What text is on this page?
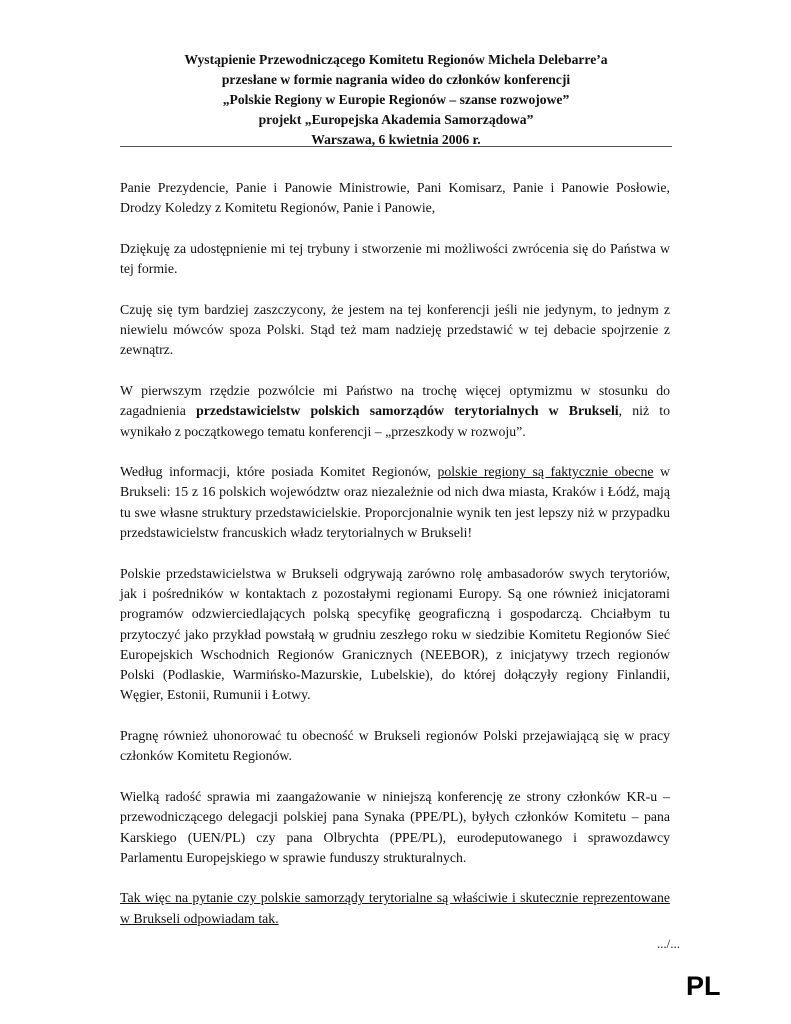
Wystąpienie Przewodniczącego Komitetu Regionów Michela Delebarre’a
przesłane w formie nagrania wideo do członków konferencji
„Polskie Regiony w Europie Regionów – szanse rozwojowe”
projekt „Europejska Akademia Samorządowa”
Warszawa, 6 kwietnia 2006 r.

Panie Prezydencie, Panie i Panowie Ministrowie, Pani Komisarz, Panie i Panowie Posłowie, Drodzy Koledzy z Komitetu Regionów, Panie i Panowie,

Dziękuję za udostępnienie mi tej trybuny i stworzenie mi możliwości zwrócenia się do Państwa w tej formie.

Czuję się tym bardziej zaszczycony, że jestem na tej konferencji jeśli nie jedynym, to jednym z niewielu mówców spoza Polski. Stąd też mam nadzieję przedstawić w tej debacie spojrzenie z zewnątrz.

W pierwszym rzędzie pozwólcie mi Państwo na trochę więcej optymizmu w stosunku do zagadnienia przedstawicielstw polskich samorządów terytorialnych w Brukseli, niż to wynikało z początkowego tematu konferencji – „przeszkody w rozwoju”.

Według informacji, które posiada Komitet Regionów, polskie regiony są faktycznie obecne w Brukseli: 15 z 16 polskich województw oraz niezależnie od nich dwa miasta, Kraków i Łódź, mają tu swe własne struktury przedstawicielskie. Proporcjonalnie wynik ten jest lepszy niż w przypadku przedstawicielstw francuskich władz terytorialnych w Brukseli!

Polskie przedstawicielstwa w Brukseli odgrywają zarówno rolę ambasadorów swych terytoriów, jak i pośredników w kontaktach z pozostałymi regionami Europy. Są one również inicjatorami programów odzwierciedlających polską specyfikę geograficzną i gospodarczą. Chciałbym tu przytoczyć jako przykład powstałą w grudniu zeszłego roku w siedzibie Komitetu Regionów Sieć Europejskich Wschodnich Regionów Granicznych (NEEBOR), z inicjatywy trzech regionów Polski (Podlaskie, Warmińsko-Mazurskie, Lubelskie), do której dołączyły regiony Finlandii, Węgier, Estonii, Rumunii i Łotwy.

Pragnę również uhonorować tu obecność w Brukseli regionów Polski przejawiającą się w pracy członków Komitetu Regionów.

Wielką radość sprawia mi zaangażowanie w niniejszą konferencję ze strony członków KR-u – przewodniczącego delegacji polskiej pana Synaka (PPE/PL), byłych członków Komitetu – pana Karskiego (UEN/PL) czy pana Olbrychta (PPE/PL), eurodeputowanego i sprawozdawcy Parlamentu Europejskiego w sprawie funduszy strukturalnych.

Tak więc na pytanie czy polskie samorządy terytorialne są właściwie i skutecznie reprezentowane w Brukseli odpowiadam tak.

.../...
PL
